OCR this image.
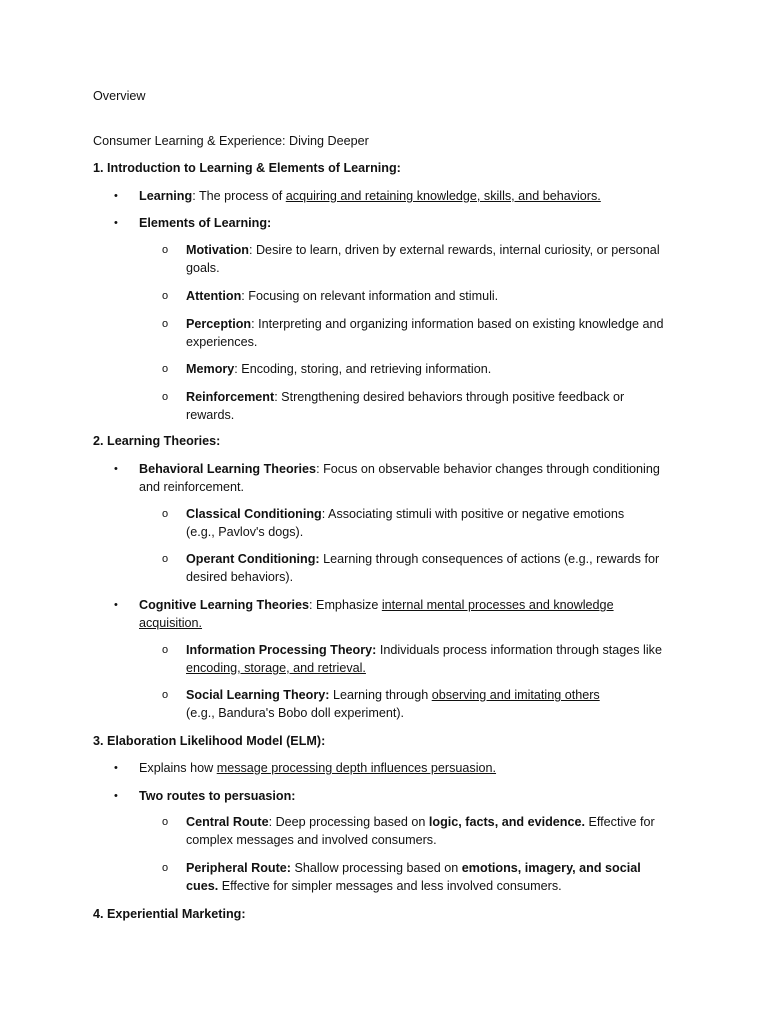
Overview

Consumer Learning & Experience: Diving Deeper

1. Introduction to Learning & Elements of Learning:

• Learning: The process of acquiring and retaining knowledge, skills, and behaviors.
• Elements of Learning:
o Motivation: Desire to learn, driven by external rewards, internal curiosity, or personal goals.
o Attention: Focusing on relevant information and stimuli.
o Perception: Interpreting and organizing information based on existing knowledge and experiences.
o Memory: Encoding, storing, and retrieving information.
o Reinforcement: Strengthening desired behaviors through positive feedback or rewards.

2. Learning Theories:

• Behavioral Learning Theories: Focus on observable behavior changes through conditioning and reinforcement.
o Classical Conditioning: Associating stimuli with positive or negative emotions
(e.g., Pavlov's dogs).
o Operant Conditioning: Learning through consequences of actions (e.g., rewards for desired behaviors).
• Cognitive Learning Theories: Emphasize internal mental processes and knowledge acquisition.
o Information Processing Theory: Individuals process information through stages like encoding, storage, and retrieval.
o Social Learning Theory: Learning through observing and imitating others
(e.g., Bandura's Bobo doll experiment).

3. Elaboration Likelihood Model (ELM):

• Explains how message processing depth influences persuasion.
• Two routes to persuasion:
o Central Route: Deep processing based on logic, facts, and evidence. Effective for complex messages and involved consumers.
o Peripheral Route: Shallow processing based on emotions, imagery, and social cues. Effective for simpler messages and less involved consumers.

4. Experiential Marketing:
